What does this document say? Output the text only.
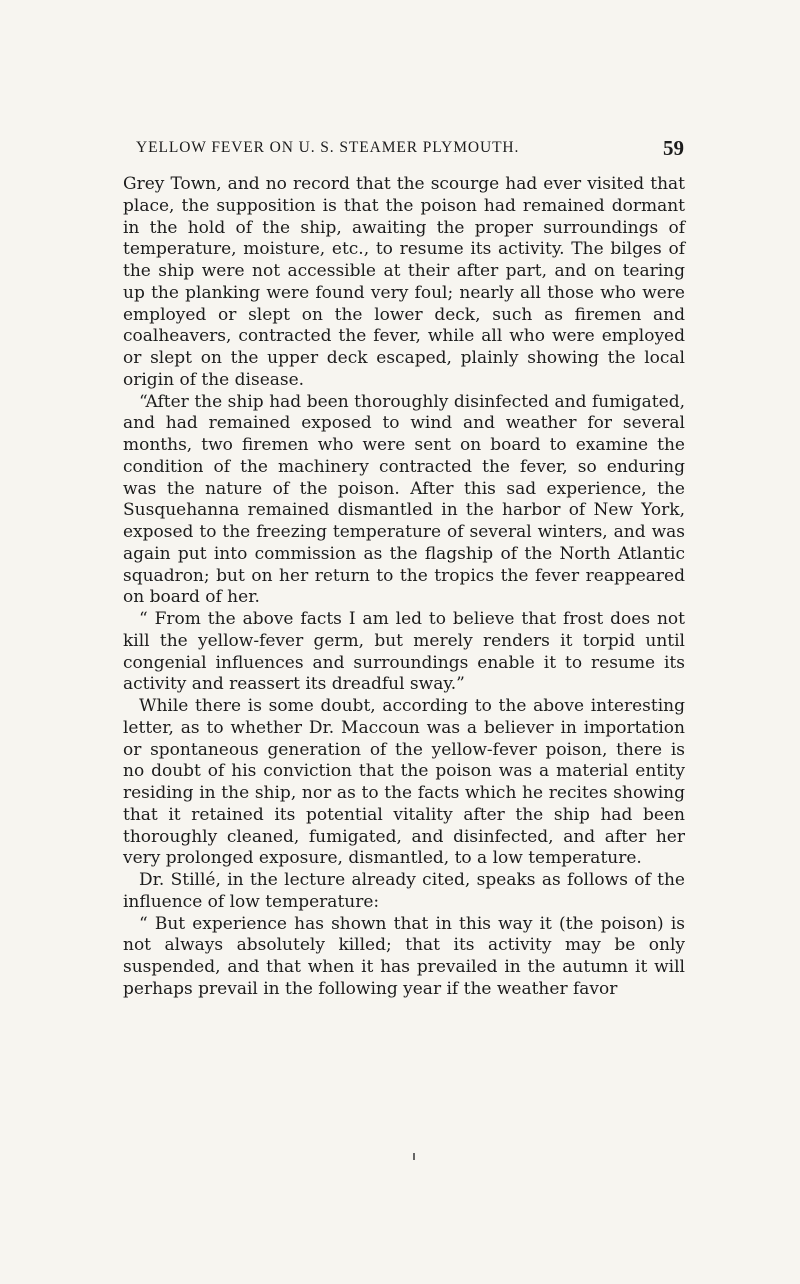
YELLOW FEVER ON U. S. STEAMER PLYMOUTH.	59

Grey Town, and no record that the scourge had ever visited that place, the supposition is that the poison had remained dormant in the hold of the ship, awaiting the proper surroundings of temperature, moisture, etc., to resume its activity. The bilges of the ship were not accessible at their after part, and on tearing up the planking were found very foul; nearly all those who were employed or slept on the lower deck, such as firemen and coalheavers, contracted the fever, while all who were employed or slept on the upper deck escaped, plainly showing the local origin of the disease.

“After the ship had been thoroughly disinfected and fumigated, and had remained exposed to wind and weather for several months, two firemen who were sent on board to examine the condition of the machinery contracted the fever, so enduring was the nature of the poison. After this sad experience, the Susquehanna remained dismantled in the harbor of New York, exposed to the freezing temperature of several winters, and was again put into commission as the flagship of the North Atlantic squadron; but on her return to the tropics the fever reappeared on board of her.

“ From the above facts I am led to believe that frost does not kill the yellow-fever germ, but merely renders it torpid until congenial influences and surroundings enable it to resume its activity and reassert its dreadful sway.”

While there is some doubt, according to the above interesting letter, as to whether Dr. Maccoun was a believer in importation or spontaneous generation of the yellow-fever poison, there is no doubt of his conviction that the poison was a material entity residing in the ship, nor as to the facts which he recites showing that it retained its potential vitality after the ship had been thoroughly cleaned, fumigated, and disinfected, and after her very prolonged exposure, dismantled, to a low temperature.

Dr. Stillé, in the lecture already cited, speaks as follows of the influence of low temperature:

“ But experience has shown that in this way it (the poison) is not always absolutely killed; that its activity may be only suspended, and that when it has prevailed in the autumn it will perhaps prevail in the following year if the weather favor
